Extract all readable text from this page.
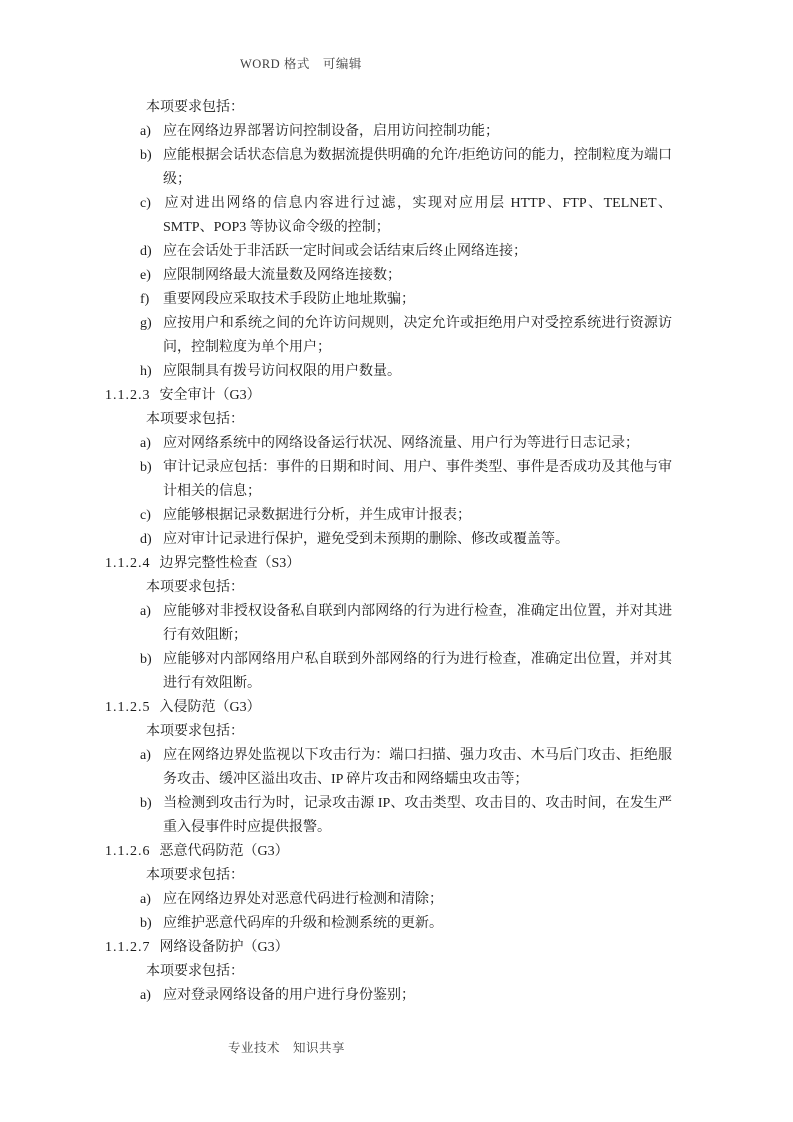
WORD 格式　可编辑

本项要求包括：

a) 应在网络边界部署访问控制设备，启用访问控制功能；
b) 应能根据会话状态信息为数据流提供明确的允许/拒绝访问的能力，控制粒度为端口级；
c) 应对进出网络的信息内容进行过滤，实现对应用层 HTTP、FTP、TELNET、SMTP、POP3 等协议命令级的控制；
d) 应在会话处于非活跃一定时间或会话结束后终止网络连接；
e) 应限制网络最大流量数及网络连接数；
f) 重要网段应采取技术手段防止地址欺骗；
g) 应按用户和系统之间的允许访问规则，决定允许或拒绝用户对受控系统进行资源访问，控制粒度为单个用户；
h) 应限制具有拨号访问权限的用户数量。
1.1.2.3 安全审计（G3）

本项要求包括：

a) 应对网络系统中的网络设备运行状况、网络流量、用户行为等进行日志记录；
b) 审计记录应包括：事件的日期和时间、用户、事件类型、事件是否成功及其他与审计相关的信息；
c) 应能够根据记录数据进行分析，并生成审计报表；
d) 应对审计记录进行保护，避免受到未预期的删除、修改或覆盖等。
1.1.2.4 边界完整性检查（S3）

本项要求包括：

a) 应能够对非授权设备私自联到内部网络的行为进行检查，准确定出位置，并对其进行有效阻断；
b) 应能够对内部网络用户私自联到外部网络的行为进行检查，准确定出位置，并对其进行有效阻断。
1.1.2.5 入侵防范（G3）

本项要求包括：

a) 应在网络边界处监视以下攻击行为：端口扫描、强力攻击、木马后门攻击、拒绝服务攻击、缓冲区溢出攻击、IP 碎片攻击和网络蠕虫攻击等；
b) 当检测到攻击行为时，记录攻击源 IP、攻击类型、攻击目的、攻击时间，在发生严重入侵事件时应提供报警。
1.1.2.6 恶意代码防范（G3）

本项要求包括：

a) 应在网络边界处对恶意代码进行检测和清除；
b) 应维护恶意代码库的升级和检测系统的更新。
1.1.2.7 网络设备防护（G3）

本项要求包括：

a) 应对登录网络设备的用户进行身份鉴别；
专业技术　知识共享
